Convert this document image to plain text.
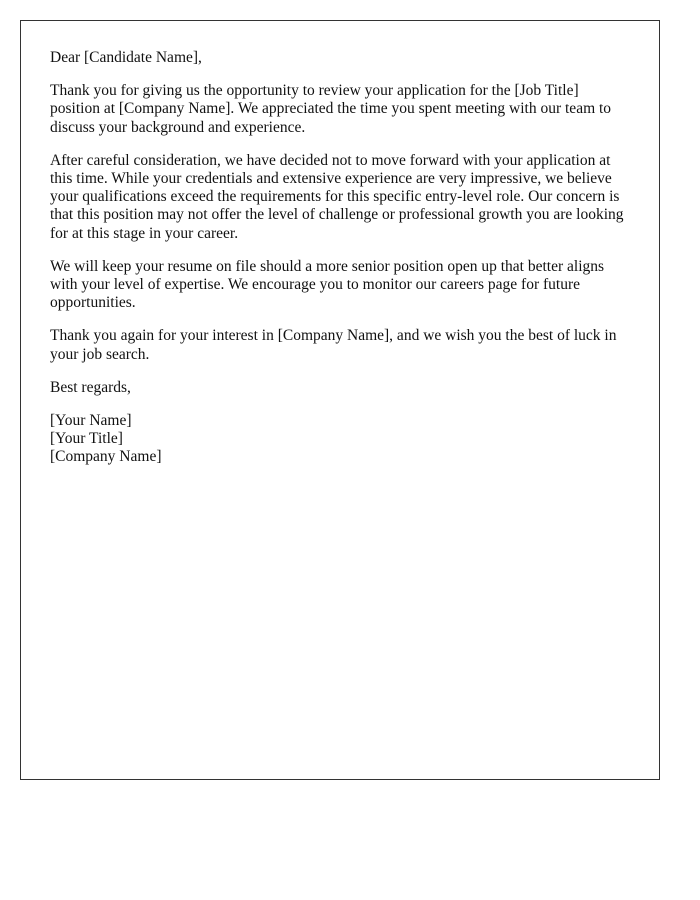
Dear [Candidate Name],

Thank you for giving us the opportunity to review your application for the [Job Title] position at [Company Name]. We appreciated the time you spent meeting with our team to discuss your background and experience.

After careful consideration, we have decided not to move forward with your application at this time. While your credentials and extensive experience are very impressive, we believe your qualifications exceed the requirements for this specific entry-level role. Our concern is that this position may not offer the level of challenge or professional growth you are looking for at this stage in your career.

We will keep your resume on file should a more senior position open up that better aligns with your level of expertise. We encourage you to monitor our careers page for future opportunities.

Thank you again for your interest in [Company Name], and we wish you the best of luck in your job search.

Best regards,

[Your Name]
[Your Title]
[Company Name]
